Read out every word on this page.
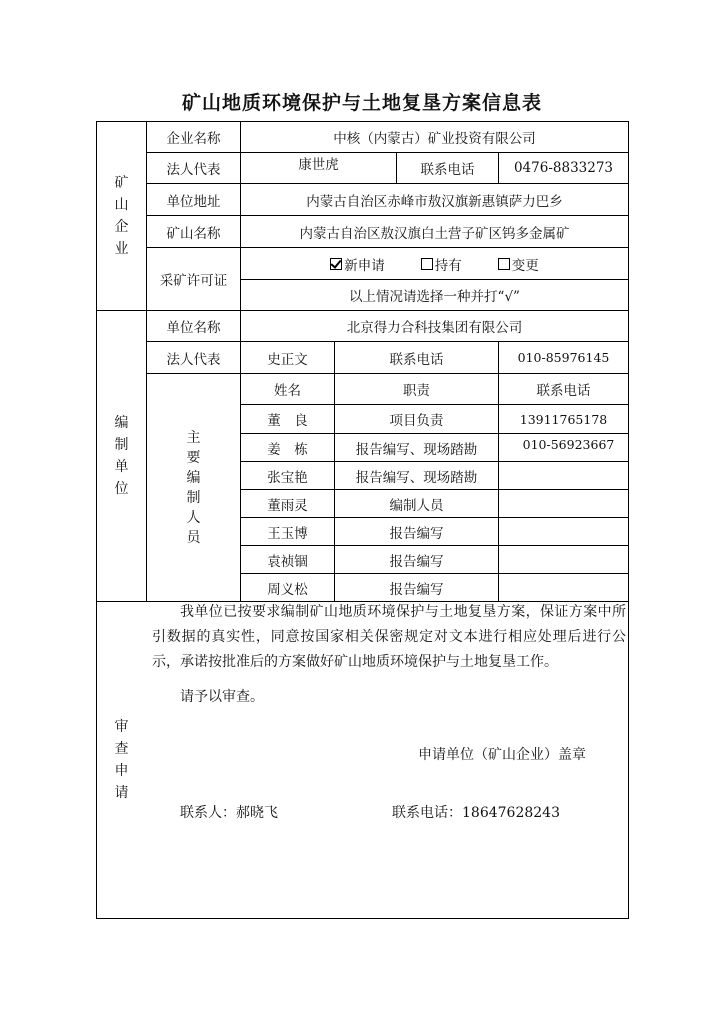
矿山地质环境保护与土地复垦方案信息表
矿
山
企
业
企业名称	中核（内蒙古）矿业投资有限公司
法人代表	康世虎	联系电话	0476-8833273
单位地址	内蒙古自治区赤峰市敖汉旗新惠镇萨力巴乡
矿山名称	内蒙古自治区敖汉旗白土营子矿区钨多金属矿
采矿许可证
新申请	持有	变更
以上情况请选择一种并打“√”
编
制
单
位
单位名称	北京得力合科技集团有限公司
法人代表	史正文	联系电话	010-85976145
主
要
编
制
人
员
姓名	职责	联系电话
董　良	项目负责	13911765178
姜　栋	报告编写、现场踏勘	010-56923667
张宝艳	报告编写、现场踏勘
董雨灵	编制人员
王玉博	报告编写
袁祯锢	报告编写
周义松	报告编写
审
查
申
请
我单位已按要求编制矿山地质环境保护与土地复垦方案，保证方案中所引数据的真实性，同意按国家相关保密规定对文本进行相应处理后进行公示，承诺按批准后的方案做好矿山地质环境保护与土地复垦工作。
请予以审查。
申请单位（矿山企业）盖章
联系人：郝晓飞	联系电话：18647628243
